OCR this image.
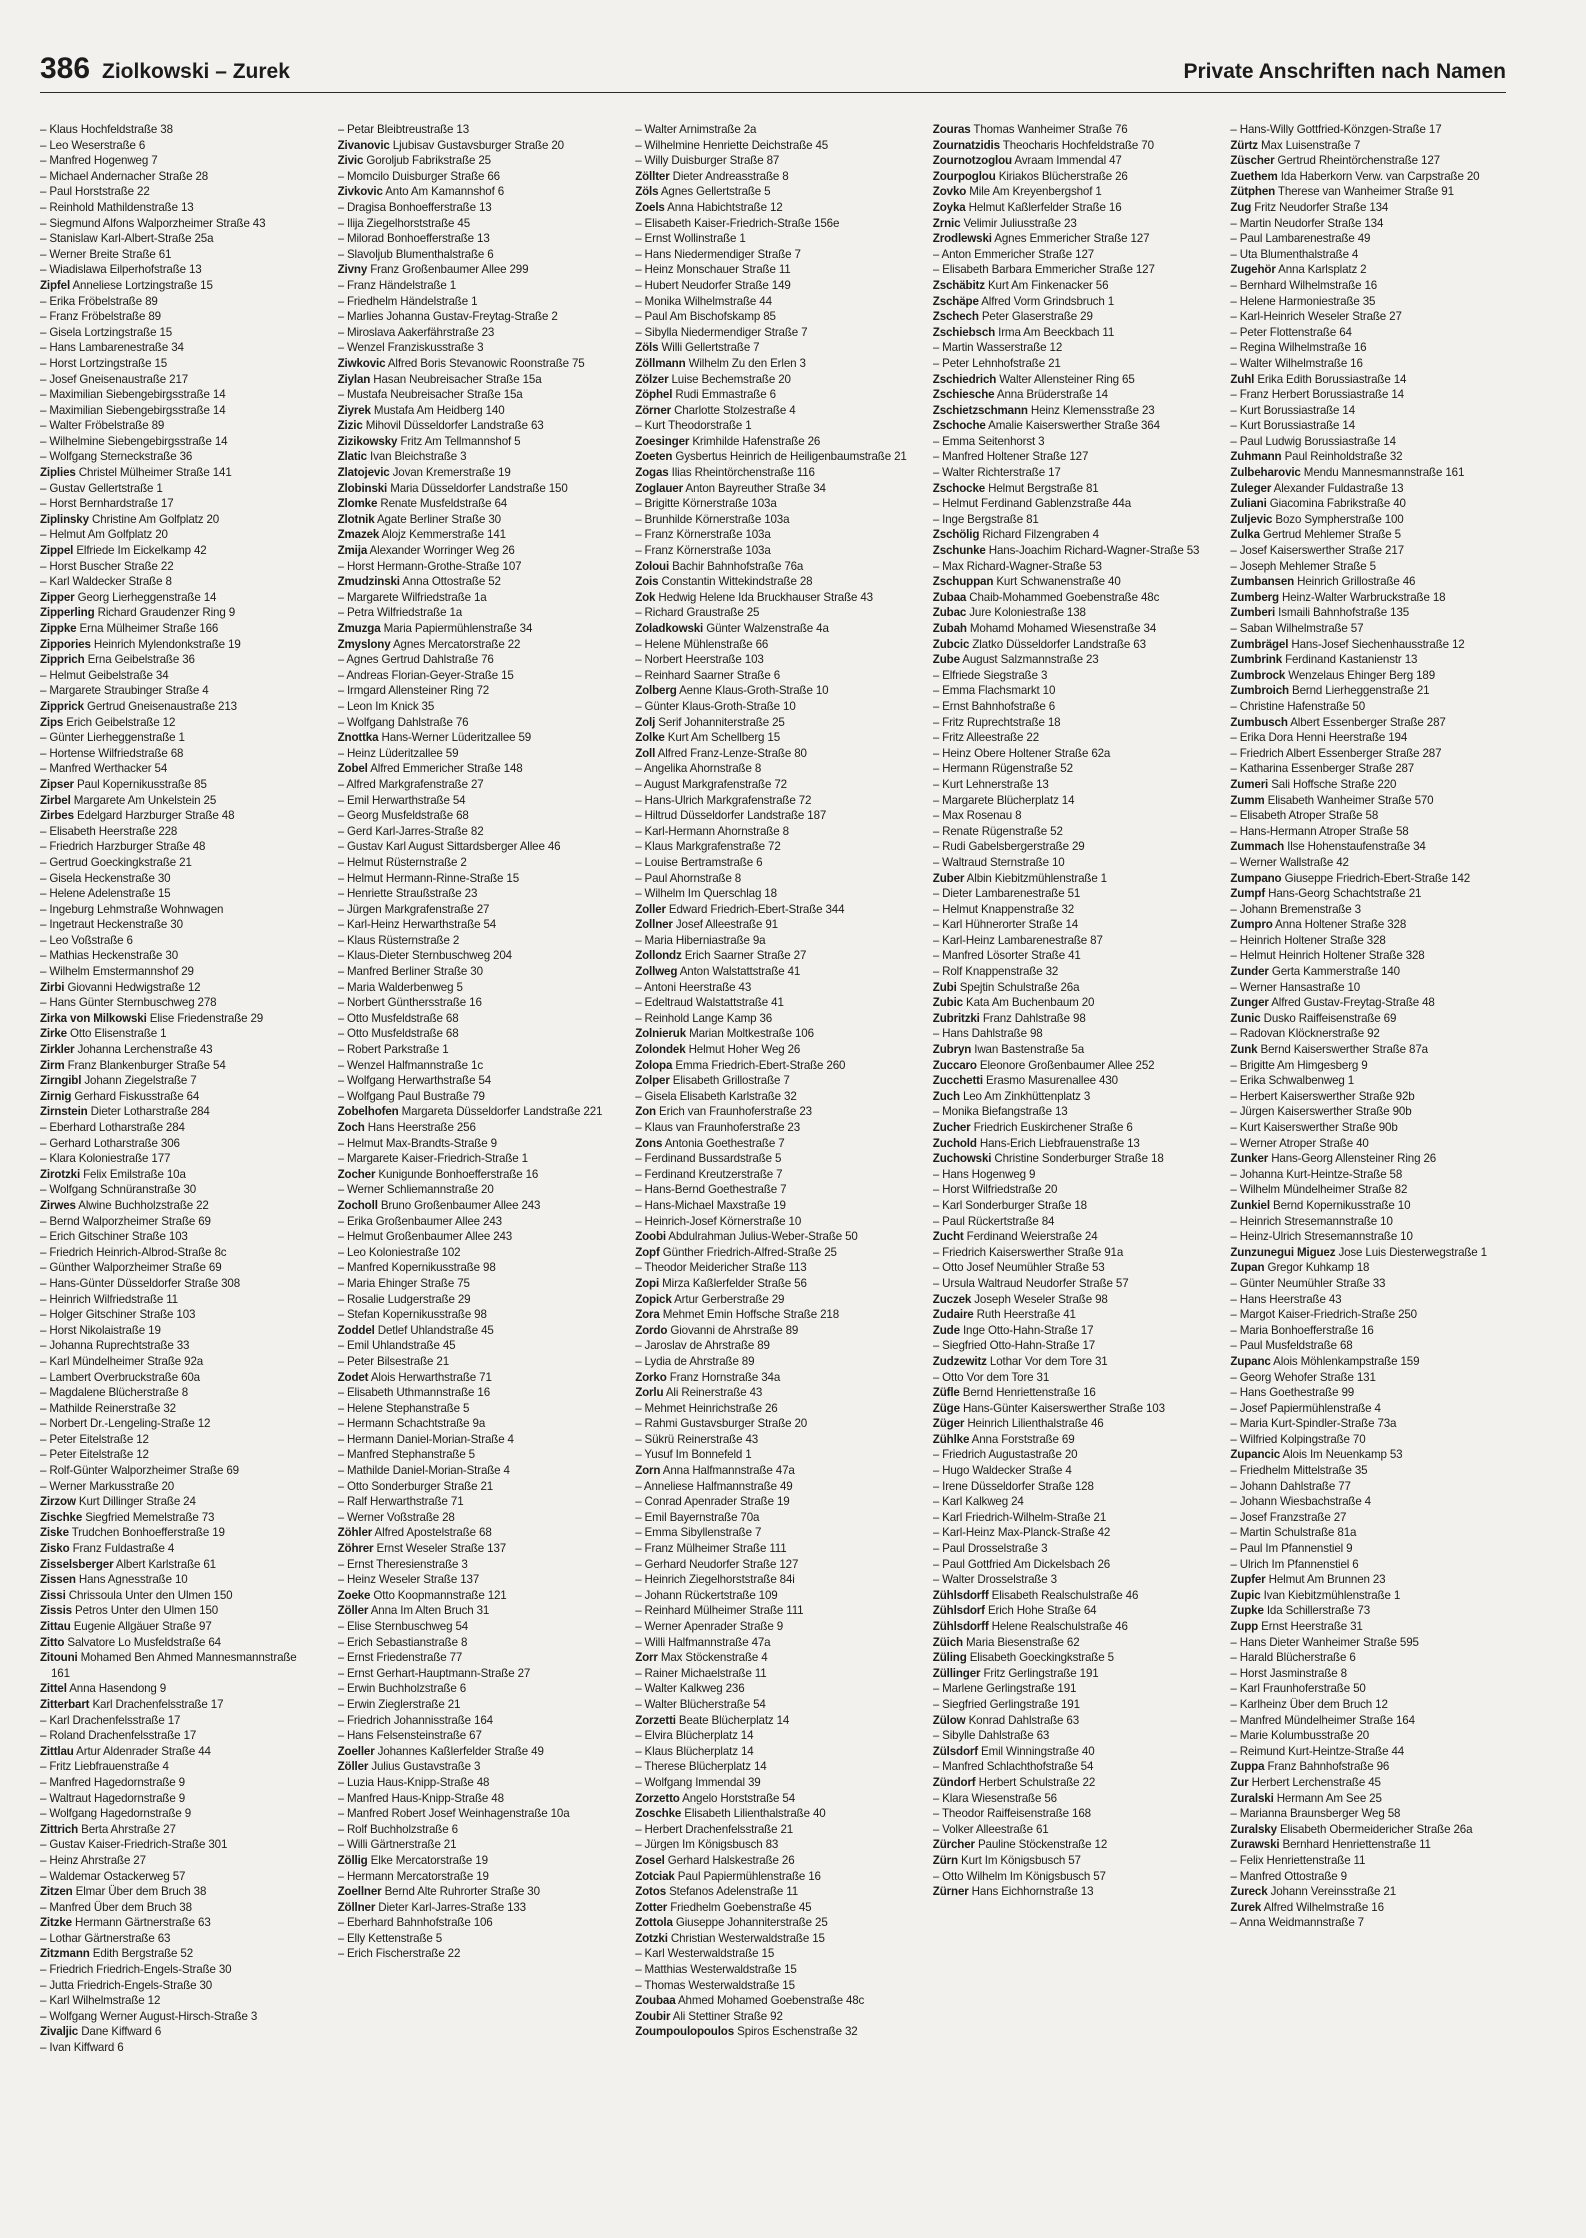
386 Ziolkowski – Zurek	Private Anschriften nach Namen

– Klaus Hochfeldstraße 38

– Leo Weserstraße 6

– Manfred Hogenweg 7

– Michael Andernacher Straße 28

– Paul Horststraße 22

– Reinhold Mathildenstraße 13

– Siegmund Alfons Walporzheimer Straße 43

– Stanislaw Karl-Albert-Straße 25a

– Werner Breite Straße 61

– Wiadislawa Eilperhofstraße 13

Zipfel Anneliese Lortzingstraße 15

– Erika Fröbelstraße 89

– Franz Fröbelstraße 89

– Gisela Lortzingstraße 15

– Hans Lambarenestraße 34

– Horst Lortzingstraße 15

– Josef Gneisenaustraße 217

– Maximilian Siebengebirgsstraße 14

– Maximilian Siebengebirgsstraße 14

– Walter Fröbelstraße 89

– Wilhelmine Siebengebirgsstraße 14

– Wolfgang Sterneckstraße 36

Ziplies Christel Mülheimer Straße 141

– Gustav Gellertstraße 1

– Horst Bernhardstraße 17

Ziplinsky Christine Am Golfplatz 20

– Helmut Am Golfplatz 20

Zippel Elfriede Im Eickelkamp 42

– Horst Buscher Straße 22

– Karl Waldecker Straße 8

Zipper Georg Lierheggenstraße 14

Zipperling Richard Graudenzer Ring 9

Zippke Erna Mülheimer Straße 166

Zippories Heinrich Mylendonkstraße 19

Zipprich Erna Geibelstraße 36

– Helmut Geibelstraße 34

– Margarete Straubinger Straße 4

Zipprick Gertrud Gneisenaustraße 213

Zips Erich Geibelstraße 12

– Günter Lierheggenstraße 1

– Hortense Wilfriedstraße 68

– Manfred Werthacker 54

Zipser Paul Kopernikusstraße 85

Zirbel Margarete Am Unkelstein 25

Zirbes Edelgard Harzburger Straße 48

– Elisabeth Heerstraße 228

– Friedrich Harzburger Straße 48

– Gertrud Goeckingkstraße 21

– Gisela Heckenstraße 30

– Helene Adelenstraße 15

– Ingeburg Lehmstraße Wohnwagen

– Ingetraut Heckenstraße 30

– Leo Voßstraße 6

– Mathias Heckenstraße 30

– Wilhelm Emstermannshof 29

Zirbi Giovanni Hedwigstraße 12

– Hans Günter Sternbuschweg 278

Zirka von Milkowski Elise Friedenstraße 29

Zirke Otto Elisenstraße 1

Zirkler Johanna Lerchenstraße 43

Zirm Franz Blankenburger Straße 54

Zirngibl Johann Ziegelstraße 7

Zirnig Gerhard Fiskusstraße 64

Zirnstein Dieter Lotharstraße 284

– Eberhard Lotharstraße 284

– Gerhard Lotharstraße 306

– Klara Koloniestraße 177

Zirotzki Felix Emilstraße 10a

– Wolfgang Schnüranstraße 30

Zirwes Alwine Buchholzstraße 22

– Bernd Walporzheimer Straße 69

– Erich Gitschiner Straße 103

– Friedrich Heinrich-Albrod-Straße 8c

– Günther Walporzheimer Straße 69

– Hans-Günter Düsseldorfer Straße 308

– Heinrich Wilfriedstraße 11

– Holger Gitschiner Straße 103

– Horst Nikolaistraße 19

– Johanna Ruprechtstraße 33

– Karl Mündelheimer Straße 92a

– Lambert Overbruckstraße 60a

– Magdalene Blücherstraße 8

– Mathilde Reinerstraße 32

– Norbert Dr.-Lengeling-Straße 12

– Peter Eitelstraße 12

– Peter Eitelstraße 12

– Rolf-Günter Walporzheimer Straße 69

– Werner Markusstraße 20

Zirzow Kurt Dillinger Straße 24

Zischke Siegfried Memelstraße 73

Ziske Trudchen Bonhoefferstraße 19

Zisko Franz Fuldastraße 4

Zisselsberger Albert Karlstraße 61

Zissen Hans Agnesstraße 10

Zissi Chrissoula Unter den Ulmen 150

Zissis Petros Unter den Ulmen 150

Zittau Eugenie Allgäuer Straße 97

Zitto Salvatore Lo Musfeldstraße 64

Zitouni Mohamed Ben Ahmed Mannesmannstraße 161

Zittel Anna Hasendong 9

Zitterbart Karl Drachenfelsstraße 17

– Karl Drachenfelsstraße 17

– Roland Drachenfelsstraße 17

Zittlau Artur Aldenrader Straße 44

– Fritz Liebfrauenstraße 4

– Manfred Hagedornstraße 9

– Waltraut Hagedornstraße 9

– Wolfgang Hagedornstraße 9

Zittrich Berta Ahrstraße 27

– Gustav Kaiser-Friedrich-Straße 301

– Heinz Ahrstraße 27

– Waldemar Ostackerweg 57

Zitzen Elmar Über dem Bruch 38

– Manfred Über dem Bruch 38

Zitzke Hermann Gärtnerstraße 63

– Lothar Gärtnerstraße 63

Zitzmann Edith Bergstraße 52

– Friedrich Friedrich-Engels-Straße 30

– Jutta Friedrich-Engels-Straße 30

– Karl Wilhelmstraße 12

– Wolfgang Werner August-Hirsch-Straße 3

Zivaljic Dane Kiffward 6

– Ivan Kiffward 6

– Petar Bleibtreustraße 13

Zivanovic Ljubisav Gustavsburger Straße 20

Zivic Goroljub Fabrikstraße 25

– Momcilo Duisburger Straße 66

Zivkovic Anto Am Kamannshof 6

– Dragisa Bonhoefferstraße 13

– Ilija Ziegelhorststraße 45

– Milorad Bonhoefferstraße 13

– Slavoljub Blumenthalstraße 6

Zivny Franz Großenbaumer Allee 299

– Franz Händelstraße 1

– Friedhelm Händelstraße 1

– Marlies Johanna Gustav-Freytag-Straße 2

– Miroslava Aakerfährstraße 23

– Wenzel Franziskusstraße 3

Ziwkovic Alfred Boris Stevanowic Roonstraße 75

Ziylan Hasan Neubreisacher Straße 15a

– Mustafa Neubreisacher Straße 15a

Ziyrek Mustafa Am Heidberg 140

Zizic Mihovil Düsseldorfer Landstraße 63

Zizikowsky Fritz Am Tellmannshof 5

Zlatic Ivan Bleichstraße 3

Zlatojevic Jovan Kremerstraße 19

Zlobinski Maria Düsseldorfer Landstraße 150

Zlomke Renate Musfeldstraße 64

Zlotnik Agate Berliner Straße 30

Zmazek Alojz Kemmerstraße 141

Zmija Alexander Worringer Weg 26

– Horst Hermann-Grothe-Straße 107

Zmudzinski Anna Ottostraße 52

– Margarete Wilfriedstraße 1a

– Petra Wilfriedstraße 1a

Zmuzga Maria Papiermühlenstraße 34

Zmyslony Agnes Mercatorstraße 22

– Agnes Gertrud Dahlstraße 76

– Andreas Florian-Geyer-Straße 15

– Irmgard Allensteiner Ring 72

– Leon Im Knick 35

– Wolfgang Dahlstraße 76

Znottka Hans-Werner Lüderitzallee 59

– Heinz Lüderitzallee 59

Zobel Alfred Emmericher Straße 148

– Alfred Markgrafenstraße 27

– Emil Herwarthstraße 54

– Georg Musfeldstraße 68

– Gerd Karl-Jarres-Straße 82

– Gustav Karl August Sittardsberger Allee 46

– Helmut Rüsternstraße 2

– Helmut Hermann-Rinne-Straße 15

– Henriette Straußstraße 23

– Jürgen Markgrafenstraße 27

– Karl-Heinz Herwarthstraße 54

– Klaus Rüsternstraße 2

– Klaus-Dieter Sternbuschweg 204

– Manfred Berliner Straße 30

– Maria Walderbenweg 5

– Norbert Günthersstraße 16

– Otto Musfeldstraße 68

– Otto Musfeldstraße 68

– Robert Parkstraße 1

– Wenzel Halfmannstraße 1c

– Wolfgang Herwarthstraße 54

– Wolfgang Paul Bustraße 79

Zobelhofen Margareta Düsseldorfer Landstraße 221

Zoch Hans Heerstraße 256

– Helmut Max-Brandts-Straße 9

– Margarete Kaiser-Friedrich-Straße 1

Zocher Kunigunde Bonhoefferstraße 16

– Werner Schliemannstraße 20

Zocholl Bruno Großenbaumer Allee 243

– Erika Großenbaumer Allee 243

– Helmut Großenbaumer Allee 243

– Leo Koloniestraße 102

– Manfred Kopernikusstraße 98

– Maria Ehinger Straße 75

– Rosalie Ludgerstraße 29

– Stefan Kopernikusstraße 98

Zoddel Detlef Uhlandstraße 45

– Emil Uhlandstraße 45

– Peter Bilsestraße 21

Zodet Alois Herwarthstraße 71

– Elisabeth Uthmannstraße 16

– Helene Stephanstraße 5

– Hermann Schachtstraße 9a

– Hermann Daniel-Morian-Straße 4

– Manfred Stephanstraße 5

– Mathilde Daniel-Morian-Straße 4

– Otto Sonderburger Straße 21

– Ralf Herwarthstraße 71

– Werner Voßstraße 28

Zöhler Alfred Apostelstraße 68

Zöhrer Ernst Weseler Straße 137

– Ernst Theresienstraße 3

– Heinz Weseler Straße 137

Zoeke Otto Koopmannstraße 121

Zöller Anna Im Alten Bruch 31

– Elise Sternbuschweg 54

– Erich Sebastianstraße 8

– Ernst Friedenstraße 77

– Ernst Gerhart-Hauptmann-Straße 27

– Erwin Buchholzstraße 6

– Erwin Zieglerstraße 21

– Friedrich Johannisstraße 164

– Hans Felsensteinstraße 67

Zoeller Johannes Kaßlerfelder Straße 49

Zöller Julius Gustavstraße 3

– Luzia Haus-Knipp-Straße 48

– Manfred Haus-Knipp-Straße 48

– Manfred Robert Josef Weinhagenstraße 10a

– Rolf Buchholzstraße 6

– Willi Gärtnerstraße 21

Zöllig Elke Mercatorstraße 19

– Hermann Mercatorstraße 19

Zoellner Bernd Alte Ruhrorter Straße 30

Zöllner Dieter Karl-Jarres-Straße 133

– Eberhard Bahnhofstraße 106

– Elly Kettenstraße 5

– Erich Fischerstraße 22

– Walter Arnimstraße 2a

– Wilhelmine Henriette Deichstraße 45

– Willy Duisburger Straße 87

Zöllter Dieter Andreasstraße 8

Zöls Agnes Gellertstraße 5

Zoels Anna Habichtstraße 12

– Elisabeth Kaiser-Friedrich-Straße 156e

– Ernst Wollinstraße 1

– Hans Niedermendiger Straße 7

– Heinz Monschauer Straße 11

– Hubert Neudorfer Straße 149

– Monika Wilhelmstraße 44

– Paul Am Bischofskamp 85

– Sibylla Niedermendiger Straße 7

Zöls Willi Gellertstraße 7

Zöllmann Wilhelm Zu den Erlen 3

Zölzer Luise Bechemstraße 20

Zöphel Rudi Emmastraße 6

Zörner Charlotte Stolzestraße 4

– Kurt Theodorstraße 1

Zoesinger Krimhilde Hafenstraße 26

Zoeten Gysbertus Heinrich de Heiligenbaumstraße 21

Zogas Ilias Rheintörchenstraße 116

Zoglauer Anton Bayreuther Straße 34

– Brigitte Körnerstraße 103a

– Brunhilde Körnerstraße 103a

– Franz Körnerstraße 103a

– Franz Körnerstraße 103a

Zoloui Bachir Bahnhofstraße 76a

Zois Constantin Wittekindstraße 28

Zok Hedwig Helene Ida Bruckhauser Straße 43

– Richard Graustraße 25

Zoladkowski Günter Walzenstraße 4a

– Helene Mühlenstraße 66

– Norbert Heerstraße 103

– Reinhard Saarner Straße 6

Zolberg Aenne Klaus-Groth-Straße 10

– Günter Klaus-Groth-Straße 10

Zolj Serif Johanniterstraße 25

Zolke Kurt Am Schellberg 15

Zoll Alfred Franz-Lenze-Straße 80

– Angelika Ahornstraße 8

– August Markgrafenstraße 72

– Hans-Ulrich Markgrafenstraße 72

– Hiltrud Düsseldorfer Landstraße 187

– Karl-Hermann Ahornstraße 8

– Klaus Markgrafenstraße 72

– Louise Bertramstraße 6

– Paul Ahornstraße 8

– Wilhelm Im Querschlag 18

Zoller Edward Friedrich-Ebert-Straße 344

Zollner Josef Alleestraße 91

– Maria Hiberniastraße 9a

Zollondz Erich Saarner Straße 27

Zollweg Anton Walstattstraße 41

– Antoni Heerstraße 43

– Edeltraud Walstattstraße 41

– Reinhold Lange Kamp 36

Zolnieruk Marian Moltkestraße 106

Zolondek Helmut Hoher Weg 26

Zolopa Emma Friedrich-Ebert-Straße 260

Zolper Elisabeth Grillostraße 7

– Gisela Elisabeth Karlstraße 32

Zon Erich van Fraunhoferstraße 23

– Klaus van Fraunhoferstraße 23

Zons Antonia Goethestraße 7

– Ferdinand Bussardstraße 5

– Ferdinand Kreutzerstraße 7

– Hans-Bernd Goethestraße 7

– Hans-Michael Maxstraße 19

– Heinrich-Josef Körnerstraße 10

Zoobi Abdulrahman Julius-Weber-Straße 50

Zopf Günther Friedrich-Alfred-Straße 25

– Theodor Meidericher Straße 113

Zopi Mirza Kaßlerfelder Straße 56

Zopick Artur Gerberstraße 29

Zora Mehmet Emin Hoffsche Straße 218

Zordo Giovanni de Ahrstraße 89

– Jaroslav de Ahrstraße 89

– Lydia de Ahrstraße 89

Zorko Franz Hornstraße 34a

Zorlu Ali Reinerstraße 43

– Mehmet Heinrichstraße 26

– Rahmi Gustavsburger Straße 20

– Sükrü Reinerstraße 43

– Yusuf Im Bonnefeld 1

Zorn Anna Halfmannstraße 47a

– Anneliese Halfmannstraße 49

– Conrad Apenrader Straße 19

– Emil Bayernstraße 70a

– Emma Sibyllenstraße 7

– Franz Mülheimer Straße 111

– Gerhard Neudorfer Straße 127

– Heinrich Ziegelhorststraße 84i

– Johann Rückertstraße 109

– Reinhard Mülheimer Straße 111

– Werner Apenrader Straße 9

– Willi Halfmannstraße 47a

Zorr Max Stöckenstraße 4

– Rainer Michaelstraße 11

– Walter Kalkweg 236

– Walter Blücherstraße 54

Zorzetti Beate Blücherplatz 14

– Elvira Blücherplatz 14

– Klaus Blücherplatz 14

– Therese Blücherplatz 14

– Wolfgang Immendal 39

Zorzetto Angelo Horststraße 54

Zoschke Elisabeth Lilienthalstraße 40

– Herbert Drachenfelsstraße 21

– Jürgen Im Königsbusch 83

Zosel Gerhard Halskestraße 26

Zotciak Paul Papiermühlenstraße 16

Zotos Stefanos Adelenstraße 11

Zotter Friedhelm Goebenstraße 45

Zottola Giuseppe Johanniterstraße 25

Zotzki Christian Westerwaldstraße 15

– Karl Westerwaldstraße 15

– Matthias Westerwaldstraße 15

– Thomas Westerwaldstraße 15

Zoubaa Ahmed Mohamed Goebenstraße 48c

Zoubir Ali Stettiner Straße 92

Zoumpoulopoulos Spiros Eschenstraße 32

Zouras Thomas Wanheimer Straße 76

Zournatzidis Theocharis Hochfeldstraße 70

Zournotzoglou Avraam Immendal 47

Zourpoglou Kiriakos Blücherstraße 26

Zovko Mile Am Kreyenbergshof 1

Zoyka Helmut Kaßlerfelder Straße 16

Zrnic Velimir Juliusstraße 23

Zrodlewski Agnes Emmericher Straße 127

– Anton Emmericher Straße 127

– Elisabeth Barbara Emmericher Straße 127

Zschäbitz Kurt Am Finkenacker 56

Zschäpe Alfred Vorm Grindsbruch 1

Zschech Peter Glaserstraße 29

Zschiebsch Irma Am Beeckbach 11

– Martin Wasserstraße 12

– Peter Lehnhofstraße 21

Zschiedrich Walter Allensteiner Ring 65

Zschiesche Anna Brüderstraße 14

Zschietzschmann Heinz Klemensstraße 23

Zschoche Amalie Kaiserswerther Straße 364

– Emma Seitenhorst 3

– Manfred Holtener Straße 127

– Walter Richterstraße 17

Zschocke Helmut Bergstraße 81

– Helmut Ferdinand Gablenzstraße 44a

– Inge Bergstraße 81

Zschölig Richard Filzengraben 4

Zschunke Hans-Joachim Richard-Wagner-Straße 53

– Max Richard-Wagner-Straße 53

Zschuppan Kurt Schwanenstraße 40

Zubaa Chaib-Mohammed Goebenstraße 48c

Zubac Jure Koloniestraße 138

Zubah Mohamd Mohamed Wiesenstraße 34

Zubcic Zlatko Düsseldorfer Landstraße 63

Zube August Salzmannstraße 23

– Elfriede Siegstraße 3

– Emma Flachsmarkt 10

– Ernst Bahnhofstraße 6

– Fritz Ruprechtstraße 18

– Fritz Alleestraße 22

– Heinz Obere Holtener Straße 62a

– Hermann Rügenstraße 52

– Kurt Lehnerstraße 13

– Margarete Blücherplatz 14

– Max Rosenau 8

– Renate Rügenstraße 52

– Rudi Gabelsbergerstraße 29

– Waltraud Sternstraße 10

Zuber Albin Kiebitzmühlenstraße 1

– Dieter Lambarenestraße 51

– Helmut Knappenstraße 32

– Karl Hühnerorter Straße 14

– Karl-Heinz Lambarenestraße 87

– Manfred Lösorter Straße 41

– Rolf Knappenstraße 32

Zubi Spejtin Schulstraße 26a

Zubic Kata Am Buchenbaum 20

Zubritzki Franz Dahlstraße 98

– Hans Dahlstraße 98

Zubryn Iwan Bastenstraße 5a

Zuccaro Eleonore Großenbaumer Allee 252

Zucchetti Erasmo Masurenallee 430

Zuch Leo Am Zinkhüttenplatz 3

– Monika Biefangstraße 13

Zucher Friedrich Euskirchener Straße 6

Zuchold Hans-Erich Liebfrauenstraße 13

Zuchowski Christine Sonderburger Straße 18

– Hans Hogenweg 9

– Horst Wilfriedstraße 20

– Karl Sonderburger Straße 18

– Paul Rückertstraße 84

Zucht Ferdinand Weierstraße 24

– Friedrich Kaiserswerther Straße 91a

– Otto Josef Neumühler Straße 53

– Ursula Waltraud Neudorfer Straße 57

Zuczek Joseph Weseler Straße 98

Zudaire Ruth Heerstraße 41

Zude Inge Otto-Hahn-Straße 17

– Siegfried Otto-Hahn-Straße 17

Zudzewitz Lothar Vor dem Tore 31

– Otto Vor dem Tore 31

Züfle Bernd Henriettenstraße 16

Züge Hans-Günter Kaiserswerther Straße 103

Züger Heinrich Lilienthalstraße 46

Zühlke Anna Forststraße 69

– Friedrich Augustastraße 20

– Hugo Waldecker Straße 4

– Irene Düsseldorfer Straße 128

– Karl Kalkweg 24

– Karl Friedrich-Wilhelm-Straße 21

– Karl-Heinz Max-Planck-Straße 42

– Paul Drosselstraße 3

– Paul Gottfried Am Dickelsbach 26

– Walter Drosselstraße 3

Zühlsdorff Elisabeth Realschulstraße 46

Zühlsdorf Erich Hohe Straße 64

Zühlsdorff Helene Realschulstraße 46

Züich Maria Biesenstraße 62

Züling Elisabeth Goeckingkstraße 5

Züllinger Fritz Gerlingstraße 191

– Marlene Gerlingstraße 191

– Siegfried Gerlingstraße 191

Zülow Konrad Dahlstraße 63

– Sibylle Dahlstraße 63

Zülsdorf Emil Winningstraße 40

– Manfred Schlachthofstraße 54

Zündorf Herbert Schulstraße 22

– Klara Wiesenstraße 56

– Theodor Raiffeisenstraße 168

– Volker Alleestraße 61

Zürcher Pauline Stöckenstraße 12

Zürn Kurt Im Königsbusch 57

– Otto Wilhelm Im Königsbusch 57

Zürner Hans Eichhornstraße 13

– Hans-Willy Gottfried-Könzgen-Straße 17

Zürtz Max Luisenstraße 7

Züscher Gertrud Rheintörchenstraße 127

Zuethem Ida Haberkorn Verw. van Carpstraße 20

Zütphen Therese van Wanheimer Straße 91

Zug Fritz Neudorfer Straße 134

– Martin Neudorfer Straße 134

– Paul Lambarenestraße 49

– Uta Blumenthalstraße 4

Zugehör Anna Karlsplatz 2

– Bernhard Wilhelmstraße 16

– Helene Harmoniestraße 35

– Karl-Heinrich Weseler Straße 27

– Peter Flottenstraße 64

– Regina Wilhelmstraße 16

– Walter Wilhelmstraße 16

Zuhl Erika Edith Borussiastraße 14

– Franz Herbert Borussiastraße 14

– Kurt Borussiastraße 14

– Kurt Borussiastraße 14

– Paul Ludwig Borussiastraße 14

Zuhmann Paul Reinholdstraße 32

Zulbeharovic Mendu Mannesmannstraße 161

Zuleger Alexander Fuldastraße 13

Zuliani Giacomina Fabrikstraße 40

Zuljevic Bozo Sympherstraße 100

Zulka Gertrud Mehlemer Straße 5

– Josef Kaiserswerther Straße 217

– Joseph Mehlemer Straße 5

Zumbansen Heinrich Grillostraße 46

Zumberg Heinz-Walter Warbruckstraße 18

Zumberi Ismaili Bahnhofstraße 135

– Saban Wilhelmstraße 57

Zumbrägel Hans-Josef Siechenhausstraße 12

Zumbrink Ferdinand Kastanienstr 13

Zumbrock Wenzelaus Ehinger Berg 189

Zumbroich Bernd Lierheggenstraße 21

– Christine Hafenstraße 50

Zumbusch Albert Essenberger Straße 287

– Erika Dora Henni Heerstraße 194

– Friedrich Albert Essenberger Straße 287

– Katharina Essenberger Straße 287

Zumeri Sali Hoffsche Straße 220

Zumm Elisabeth Wanheimer Straße 570

– Elisabeth Atroper Straße 58

– Hans-Hermann Atroper Straße 58

Zummach Ilse Hohenstaufenstraße 34

– Werner Wallstraße 42

Zumpano Giuseppe Friedrich-Ebert-Straße 142

Zumpf Hans-Georg Schachtstraße 21

– Johann Bremenstraße 3

Zumpro Anna Holtener Straße 328

– Heinrich Holtener Straße 328

– Helmut Heinrich Holtener Straße 328

Zunder Gerta Kammerstraße 140

– Werner Hansastraße 10

Zunger Alfred Gustav-Freytag-Straße 48

Zunic Dusko Raiffeisenstraße 69

– Radovan Klöcknerstraße 92

Zunk Bernd Kaiserswerther Straße 87a

– Brigitte Am Himgesberg 9

– Erika Schwalbenweg 1

– Herbert Kaiserswerther Straße 92b

– Jürgen Kaiserswerther Straße 90b

– Kurt Kaiserswerther Straße 90b

– Werner Atroper Straße 40

Zunker Hans-Georg Allensteiner Ring 26

– Johanna Kurt-Heintze-Straße 58

– Wilhelm Mündelheimer Straße 82

Zunkiel Bernd Kopernikusstraße 10

– Heinrich Stresemannstraße 10

– Heinz-Ulrich Stresemannstraße 10

Zunzunegui Miguez Jose Luis Diesterwegstraße 1

Zupan Gregor Kuhkamp 18

– Günter Neumühler Straße 33

– Hans Heerstraße 43

– Margot Kaiser-Friedrich-Straße 250

– Maria Bonhoefferstraße 16

– Paul Musfeldstraße 68

Zupanc Alois Möhlenkampstraße 159

– Georg Wehofer Straße 131

– Hans Goethestraße 99

– Josef Papiermühlenstraße 4

– Maria Kurt-Spindler-Straße 73a

– Wilfried Kolpingstraße 70

Zupancic Alois Im Neuenkamp 53

– Friedhelm Mittelstraße 35

– Johann Dahlstraße 77

– Johann Wiesbachstraße 4

– Josef Franzstraße 27

– Martin Schulstraße 81a

– Paul Im Pfannenstiel 9

– Ulrich Im Pfannenstiel 6

Zupfer Helmut Am Brunnen 23

Zupic Ivan Kiebitzmühlenstraße 1

Zupke Ida Schillerstraße 73

Zupp Ernst Heerstraße 31

– Hans Dieter Wanheimer Straße 595

– Harald Blücherstraße 6

– Horst Jasminstraße 8

– Karl Fraunhoferstraße 50

– Karlheinz Über dem Bruch 12

– Manfred Mündelheimer Straße 164

– Marie Kolumbusstraße 20

– Reimund Kurt-Heintze-Straße 44

Zuppa Franz Bahnhofstraße 96

Zur Herbert Lerchenstraße 45

Zuralski Hermann Am See 25

– Marianna Braunsberger Weg 58

Zuralsky Elisabeth Obermeidericher Straße 26a

Zurawski Bernhard Henriettenstraße 11

– Felix Henriettenstraße 11

– Manfred Ottostraße 9

Zureck Johann Vereinsstraße 21

Zurek Alfred Wilhelmstraße 16

– Anna Weidmannstraße 7
